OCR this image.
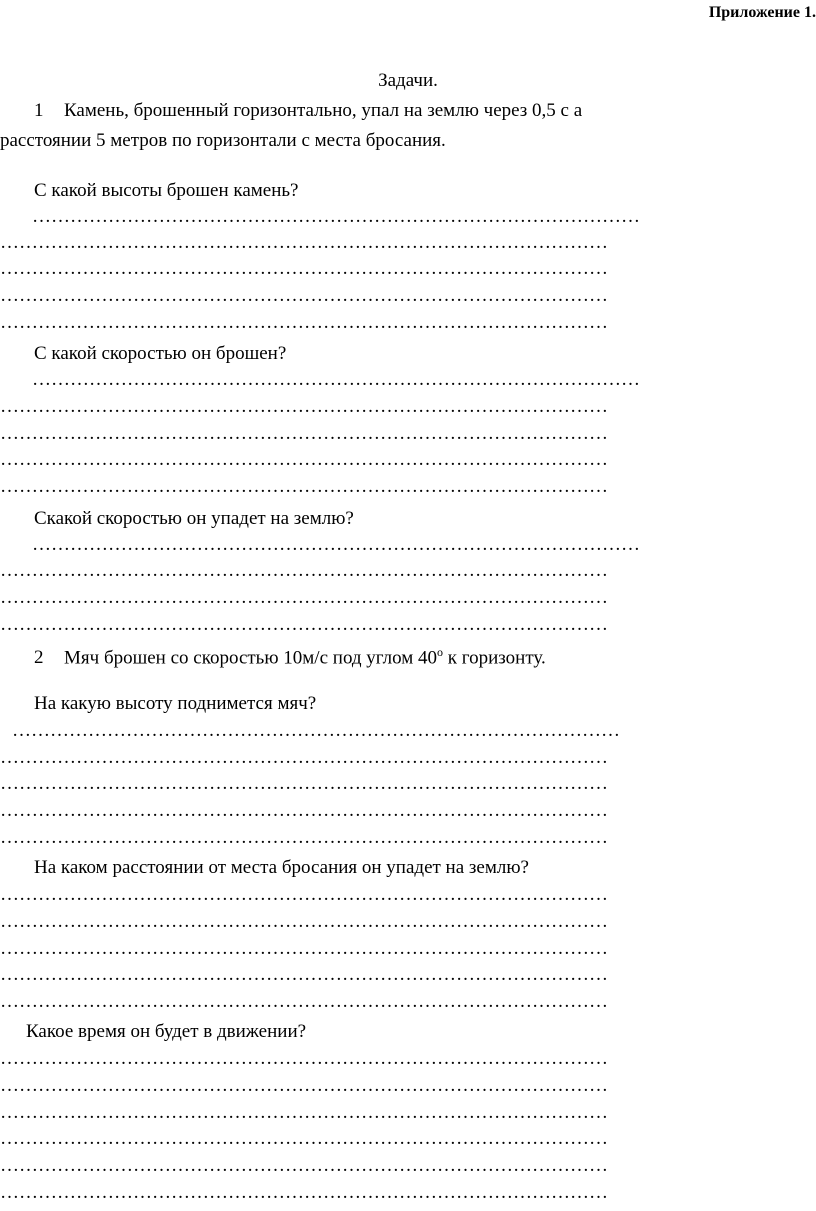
Приложение 1.
Задачи.
1 Камень, брошенный горизонтально, упал на землю через 0,5 с а
расстоянии 5 метров по горизонтали с места бросания.
С какой высоты брошен камень?
……………………………………………………………………………………
……………………………………………………………………………………
……………………………………………………………………………………
……………………………………………………………………………………
……………………………………………………………………………………
С какой скоростью он брошен?
……………………………………………………………………………………
……………………………………………………………………………………
……………………………………………………………………………………
……………………………………………………………………………………
……………………………………………………………………………………
Скакой скоростью он упадет на землю?
……………………………………………………………………………………
……………………………………………………………………………………
……………………………………………………………………………………
……………………………………………………………………………………
2 Мяч брошен со скоростью 10м/с под углом 40$^o$ к горизонту.
На какую высоту поднимется мяч?
……………………………………………………………………………………
……………………………………………………………………………………
……………………………………………………………………………………
……………………………………………………………………………………
……………………………………………………………………………………
На каком расстоянии от места бросания он упадет на землю?
……………………………………………………………………………………
……………………………………………………………………………………
……………………………………………………………………………………
……………………………………………………………………………………
……………………………………………………………………………………
Какое время он будет в движении?
……………………………………………………………………………………
……………………………………………………………………………………
……………………………………………………………………………………
……………………………………………………………………………………
……………………………………………………………………………………
……………………………………………………………………………………
